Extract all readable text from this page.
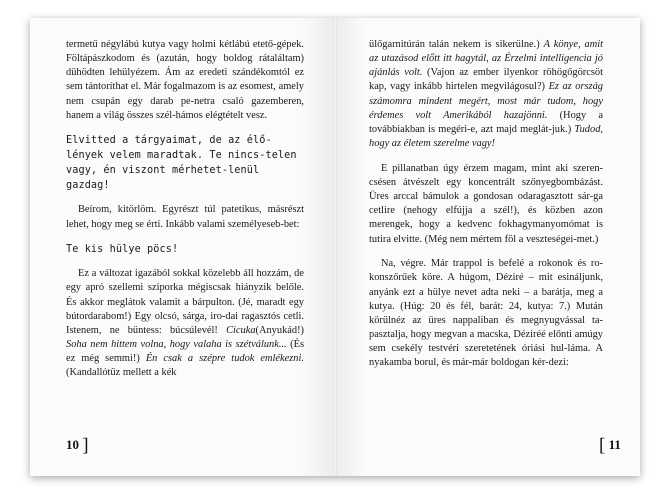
termetű négylábú kutya vagy holmi kétlábú etető-gépek. Föltápászkodom és (azután, hogy boldog rátaláltam) dühödten lehülyézem. Ám az eredeti szándékomtól ez sem tántoríthat el. Már fogalmazom is az esomest, amely nem csupán egy darab pe-netra csaló gazemberen, hanem a világ összes szél-hámos elégtételt vesz.

Elvitted a tárgyaimat, de az élő-lények velem maradtak. Te nincs-telen vagy, én viszont mérhetet-lenül gazdag!

Beírom, kitörlöm. Egyrészt túl patetikus, másrészt lehet, hogy meg se érti. Inkább valami személyeseb-bet:

Te kis hülye pöcs!

Ez a változat igazából sokkal közelebb áll hozzám, de egy apró szellemi sziporka mégiscsak hiányzik belőle. És akkor meglátok valamit a bárpulton. (Jé, maradt egy bútordarabom!) Egy olcsó, sárga, iro-dai ragasztós cetli. Istenem, ne büntess: búcsúlevél! Cicuka(Anyukád!) Soha nem hittem volna, hogy valaha is szétválunk... (És ez még semmi!) Én csak a szépre tudok emlékezni. (Kandallótűz mellett a kék

10 ]

ülőgarnitúrán talán nekem is sikerülne.) A könye, amit az utazásod előtt itt hagytál, az Érzelmi intelligencia jó ajánlás volt. (Vajon az ember ilyenkor röhögőgörcsöt kap, vagy inkább hirtelen megvilágosul?) Ez az ország számomra mindent megért, most már tudom, hogy érdemes volt Amerikából hazajönni. (Hogy a továbbiakban is megéri-e, azt majd meglát-juk.) Tudod, hogy az életem szerelme vagy!

E pillanatban úgy érzem magam, mint aki szeren-csésen átvészelt egy koncentrált szőnyegbombázást. Üres arccal bámulok a gondosan odaragasztott sár-ga cetlire (nehogy elfújja a szél!), és közben azon merengek, hogy a kedvenc fokhagymanyomómat is tutira elvitte. (Még nem mértem föl a veszteségei-met.)

Na, végre. Már trappol is befelé a rokonok és ro-konszőrűek köre. A húgom, Déziré – mit esináljunk, anyánk ezt a hülye nevet adta neki – a barátja, meg a kutya. (Húg: 20 és fél, barát: 24, kutya: 7.) Mután körülnéz az üres nappaliban és megnyugvással ta-pasztalja, hogy megvan a macska, Déziréé előnti amúgy sem csekély testvéri szeretetének óriási hul-láma. A nyakamba borul, és már-már boldogan kér-dezi:

[ 11
